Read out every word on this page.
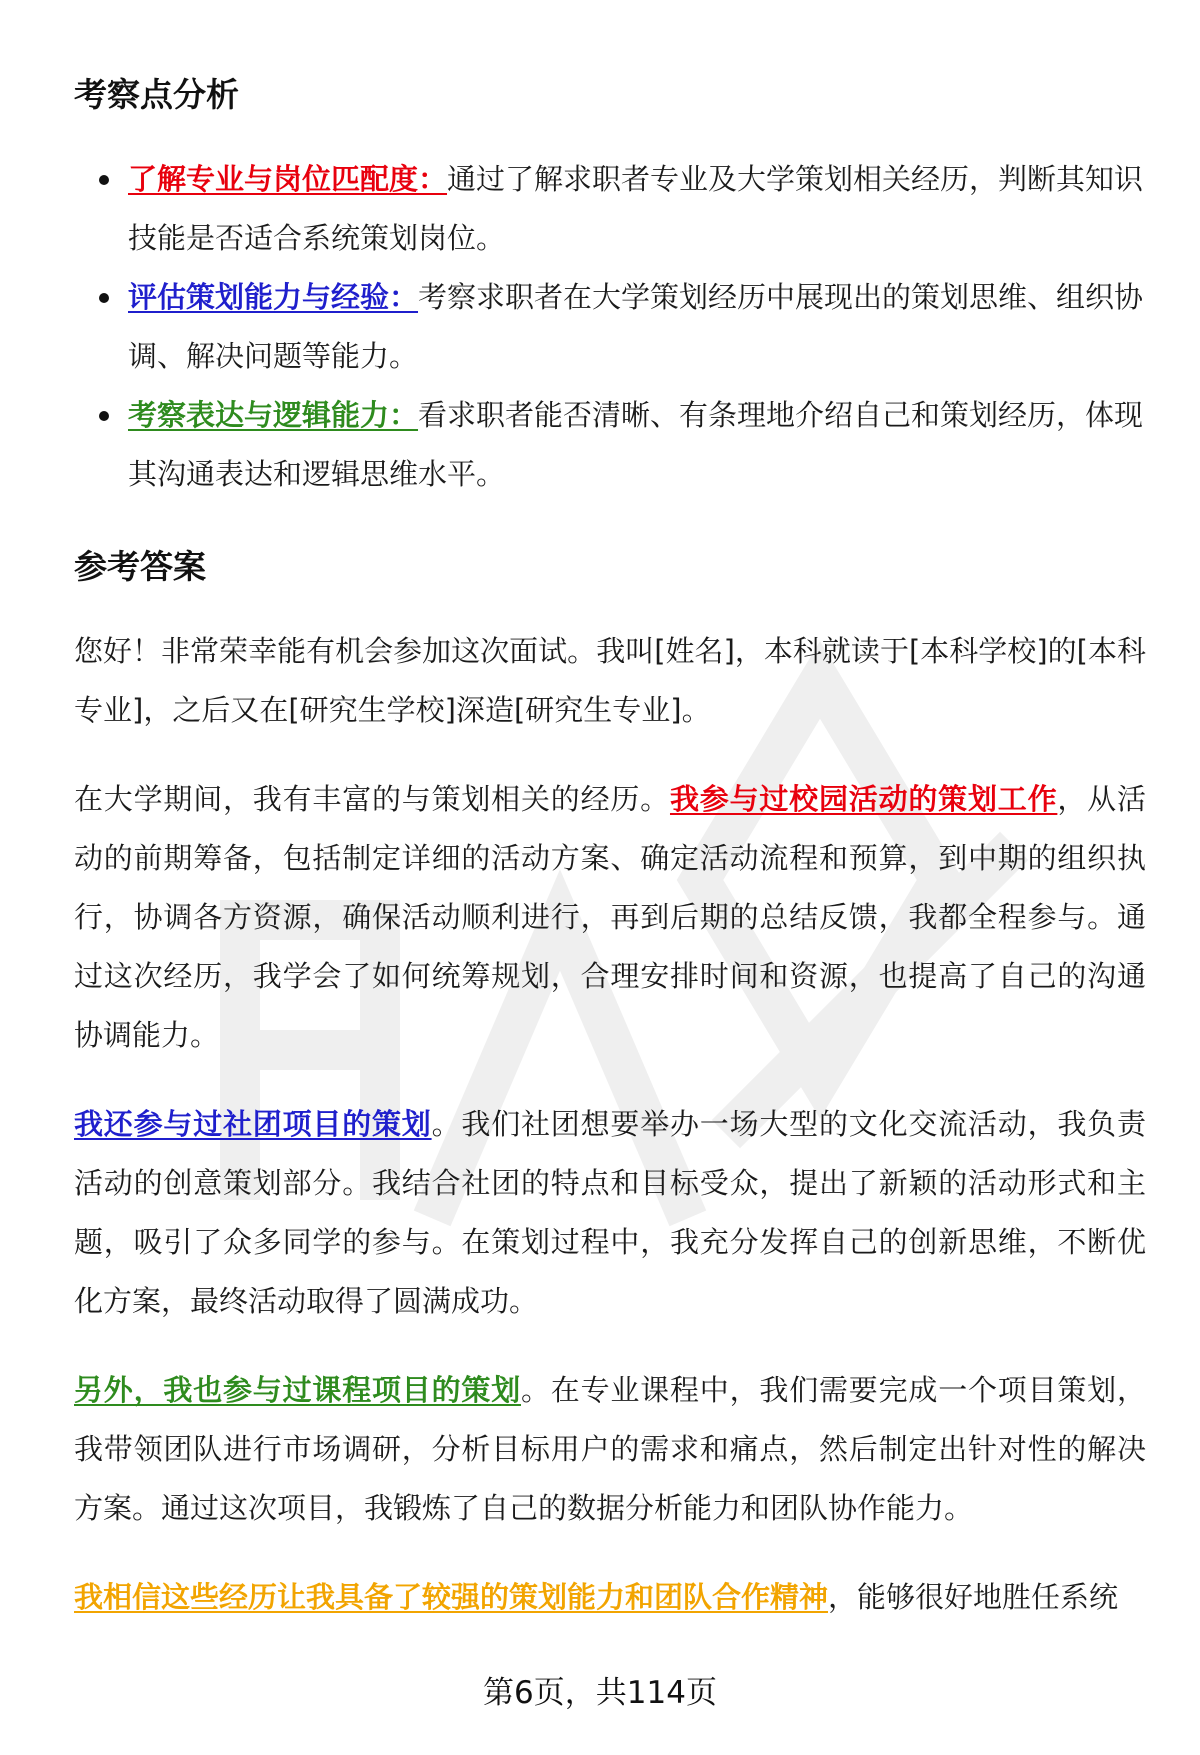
考察点分析
了解专业与岗位匹配度：通过了解求职者专业及大学策划相关经历，判断其知识技能是否适合系统策划岗位。
评估策划能力与经验：考察求职者在大学策划经历中展现出的策划思维、组织协调、解决问题等能力。
考察表达与逻辑能力：看求职者能否清晰、有条理地介绍自己和策划经历，体现其沟通表达和逻辑思维水平。
参考答案

您好！非常荣幸能有机会参加这次面试。我叫[姓名]，本科就读于[本科学校]的[本科专业]，之后又在[研究生学校]深造[研究生专业]。

在大学期间，我有丰富的与策划相关的经历。我参与过校园活动的策划工作，从活动的前期筹备，包括制定详细的活动方案、确定活动流程和预算，到中期的组织执行，协调各方资源，确保活动顺利进行，再到后期的总结反馈，我都全程参与。通过这次经历，我学会了如何统筹规划，合理安排时间和资源，也提高了自己的沟通协调能力。

我还参与过社团项目的策划。我们社团想要举办一场大型的文化交流活动，我负责活动的创意策划部分。我结合社团的特点和目标受众，提出了新颖的活动形式和主题，吸引了众多同学的参与。在策划过程中，我充分发挥自己的创新思维，不断优化方案，最终活动取得了圆满成功。

另外，我也参与过课程项目的策划。在专业课程中，我们需要完成一个项目策划，我带领团队进行市场调研，分析目标用户的需求和痛点，然后制定出针对性的解决方案。通过这次项目，我锻炼了自己的数据分析能力和团队协作能力。

我相信这些经历让我具备了较强的策划能力和团队合作精神，能够很好地胜任系统

第6页，共114页
